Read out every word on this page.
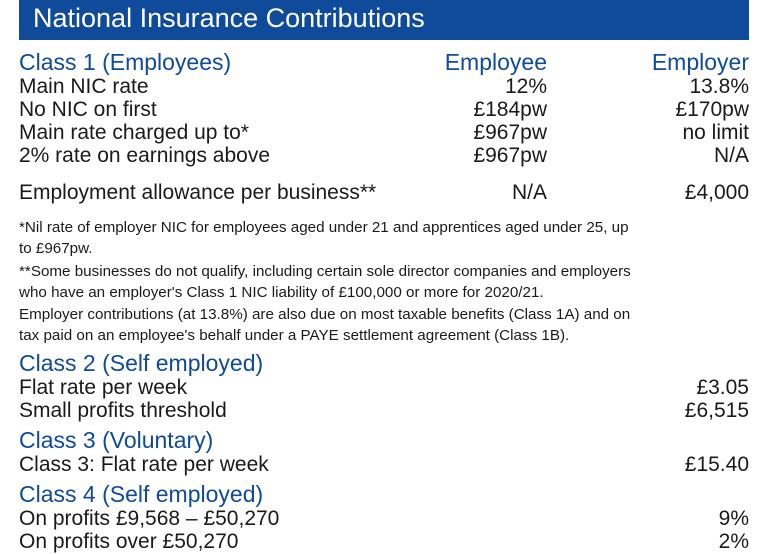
National Insurance Contributions
Class 1 (Employees)	Employee	Employer
Main NIC rate	12%	13.8%
No NIC on first	£184pw	£170pw
Main rate charged up to*	£967pw	no limit
2% rate on earnings above	£967pw	N/A
Employment allowance per business**	N/A	£4,000
*Nil rate of employer NIC for employees aged under 21 and apprentices aged under 25, up
to £967pw.
**Some businesses do not qualify, including certain sole director companies and employers
who have an employer's Class 1 NIC liability of £100,000 or more for 2020/21.
Employer contributions (at 13.8%) are also due on most taxable benefits (Class 1A) and on
tax paid on an employee's behalf under a PAYE settlement agreement (Class 1B).
Class 2 (Self employed)
Flat rate per week	£3.05
Small profits threshold	£6,515
Class 3 (Voluntary)
Class 3: Flat rate per week	£15.40
Class 4 (Self employed)
On profits £9,568 – £50,270	9%
On profits over £50,270	2%
